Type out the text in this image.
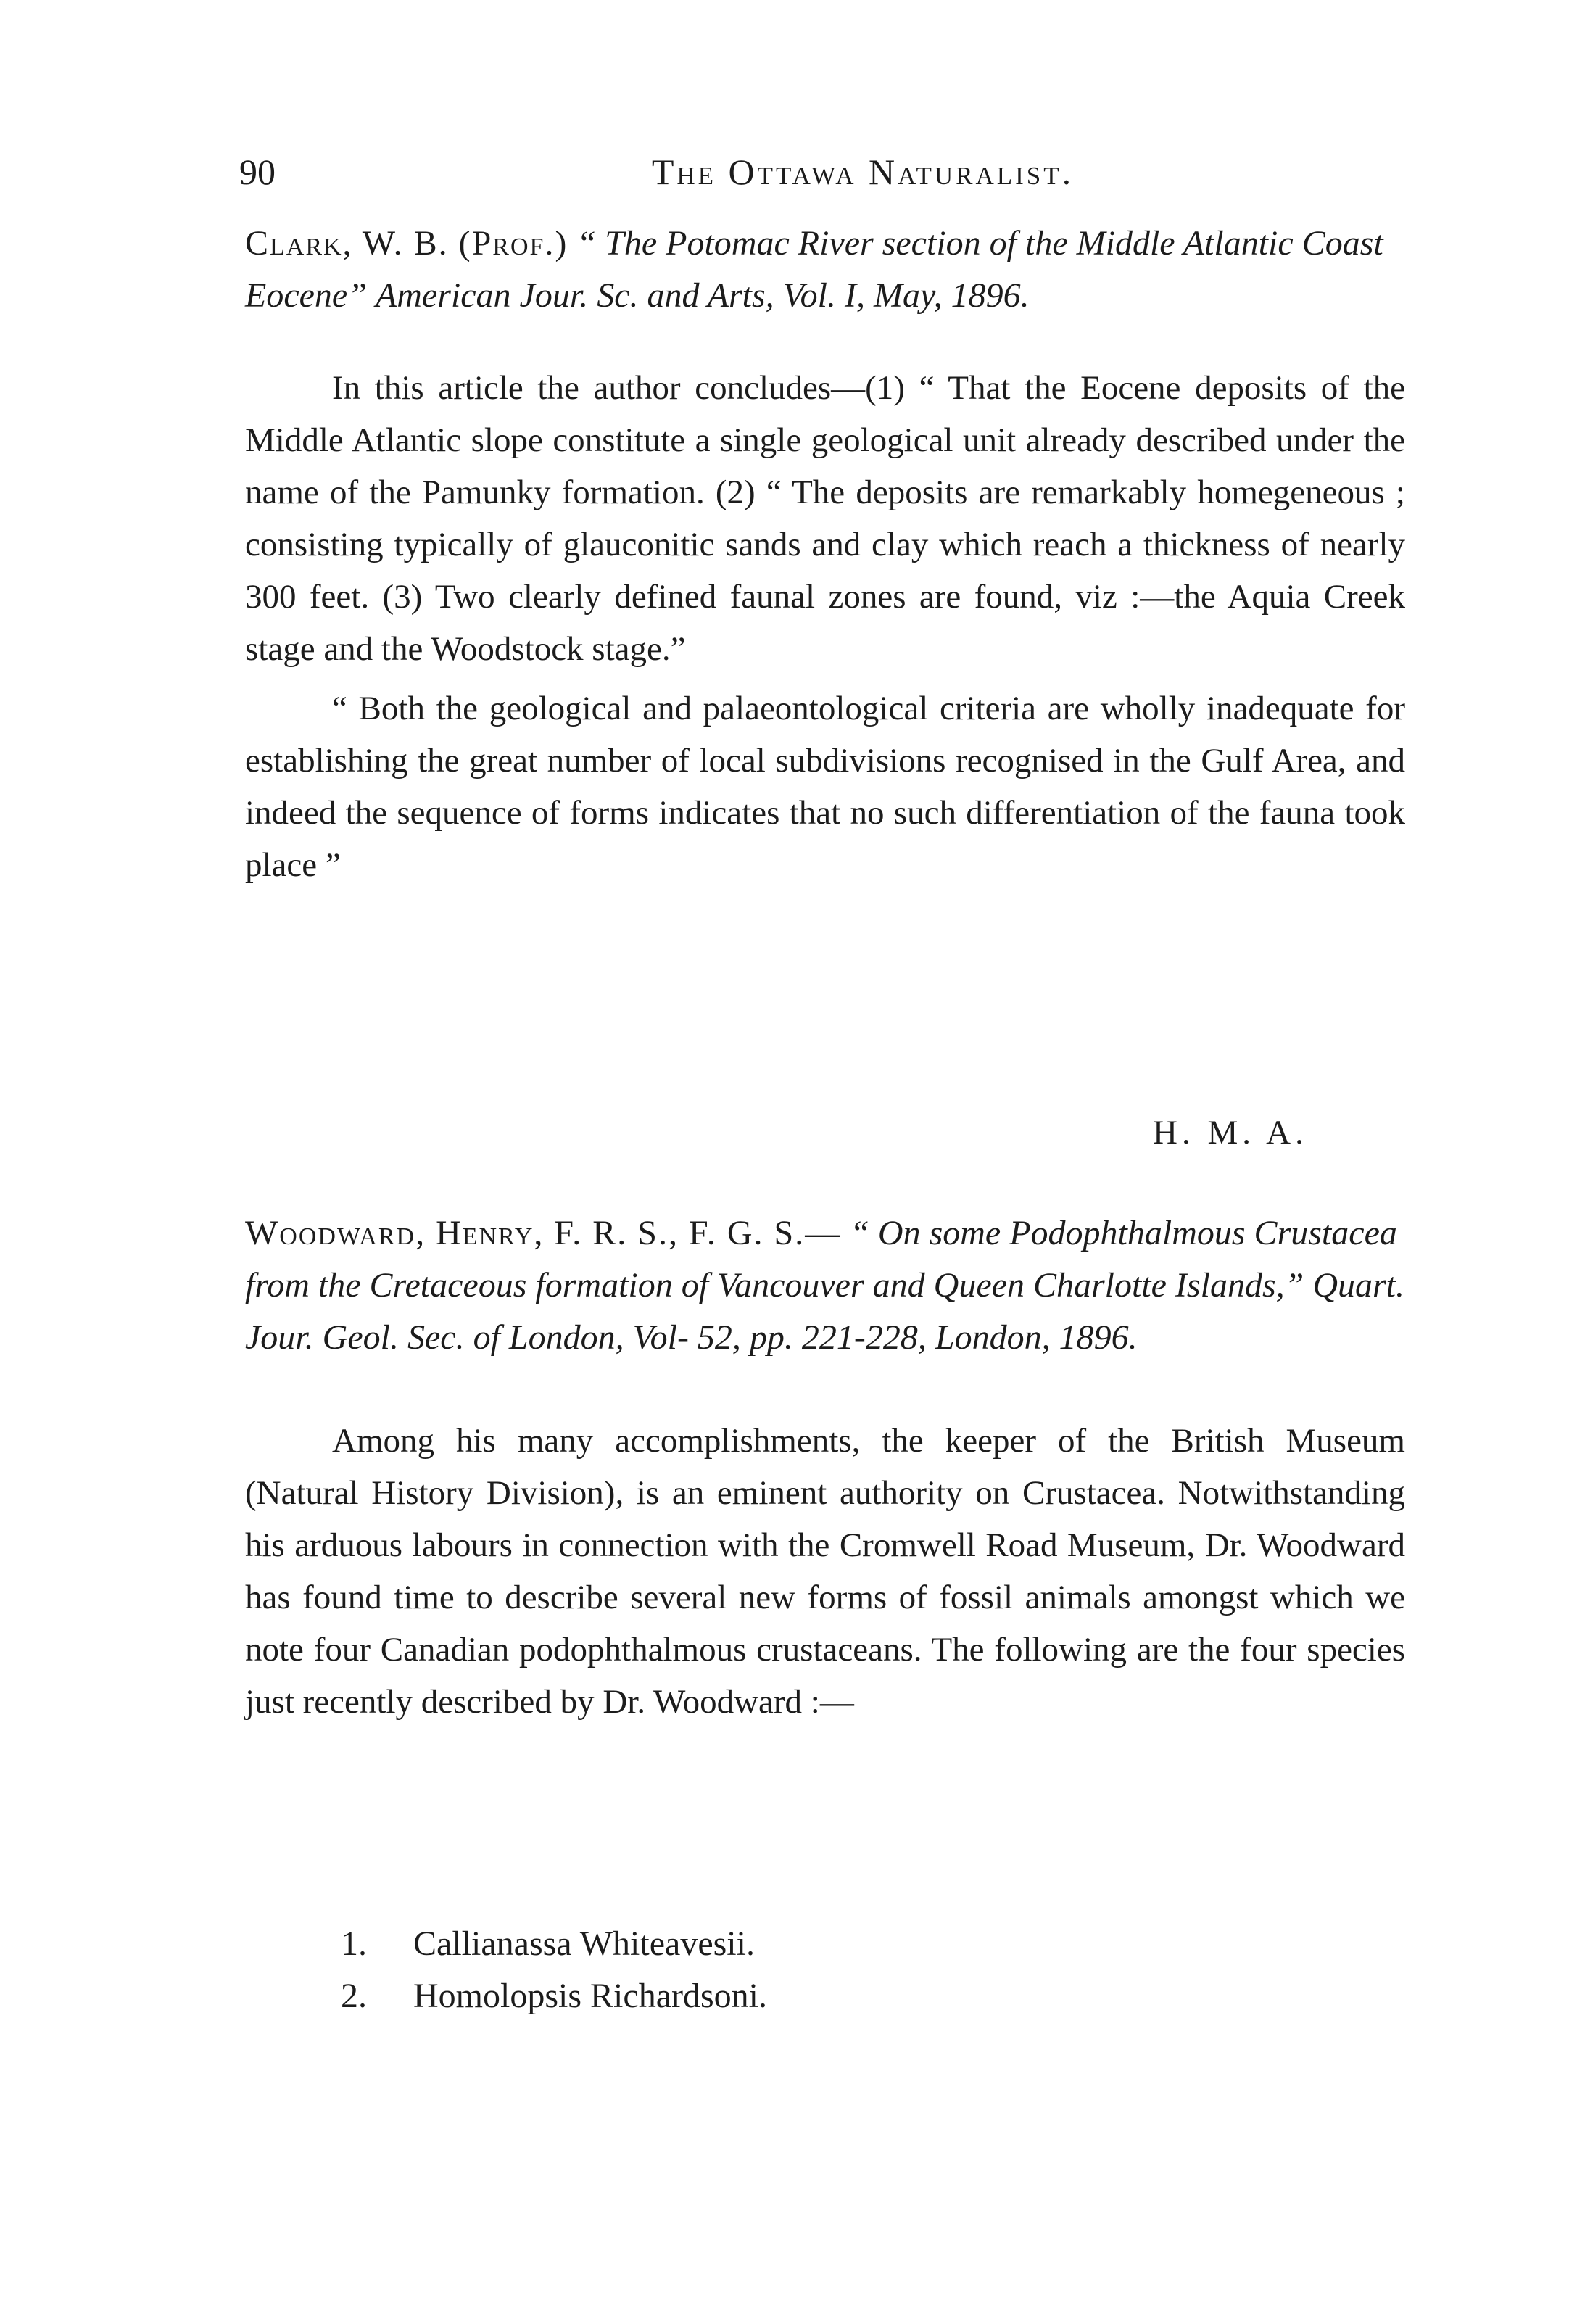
90	The Ottawa Naturalist.
Clark, W. B. (Prof.) “ The Potomac River section of the Middle Atlantic Coast Eocene” American Jour. Sc. and Arts, Vol. I, May, 1896.

In this article the author concludes—(1) “ That the Eocene deposits of the Middle Atlantic slope constitute a single geological unit already described under the name of the Pamunky formation. (2) “ The deposits are remarkably homegeneous ; consisting typically of glauconitic sands and clay which reach a thickness of nearly 300 feet. (3) Two clearly defined faunal zones are found, viz :—the Aquia Creek stage and the Woodstock stage.”

“ Both the geological and palaeontological criteria are wholly inadequate for establishing the great number of local subdivisions recognised in the Gulf Area, and indeed the sequence of forms indicates that no such differentiation of the fauna took place ”

H. M. A.
Woodward, Henry, F. R. S., F. G. S.— “ On some Podophthalmous Crustacea from the Cretaceous formation of Vancouver and Queen Charlotte Islands,” Quart. Jour. Geol. Sec. of London, Vol- 52, pp. 221-228, London, 1896.

Among his many accomplishments, the keeper of the British Museum (Natural History Division), is an eminent authority on Crustacea. Notwithstanding his arduous labours in connection with the Cromwell Road Museum, Dr. Woodward has found time to describe several new forms of fossil animals amongst which we note four Canadian podophthalmous crustaceans. The following are the four species just recently described by Dr. Woodward :—

1.	Callianassa Whiteavesii.
2.	Homolopsis Richardsoni.
